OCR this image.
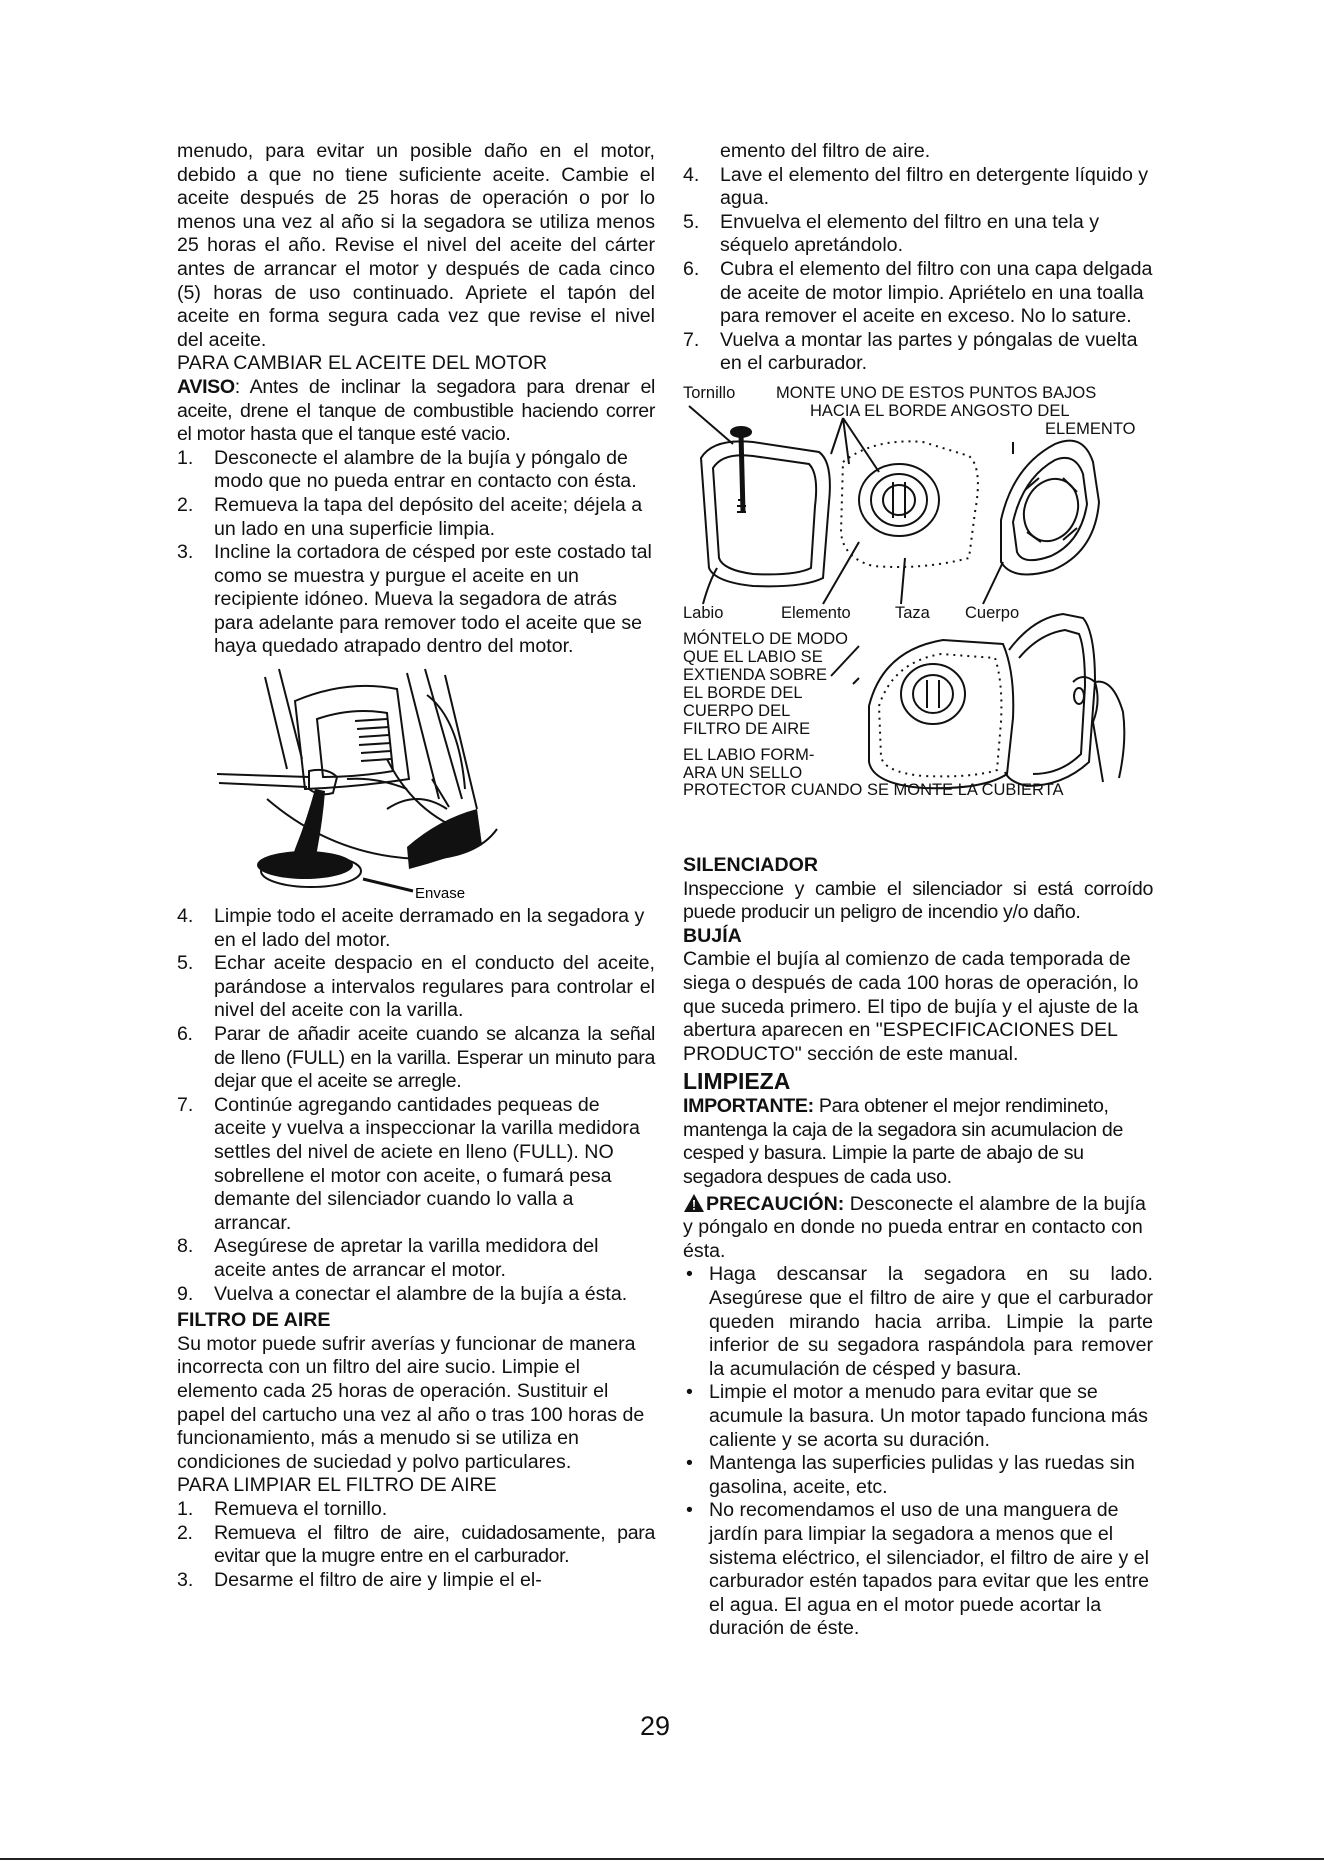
menudo, para evitar un posible daño en el motor, debido a que no tiene suficiente aceite. Cambie el aceite después de 25 horas de operación o por lo menos una vez al año si la segadora se utiliza menos 25 horas el año. Revise el nivel del aceite del cárter antes de arrancar el motor y después de cada cinco (5) horas de uso continuado. Apriete el tapón del aceite en forma segura cada vez que revise el nivel del aceite.

PARA CAMBIAR EL ACEITE DEL MOTOR

AVISO: Antes de inclinar la segadora para drenar el aceite, drene el tanque de combustible haciendo correr el motor hasta que el tanque esté vacio.

1. Desconecte el alambre de la bujía y póngalo de modo que no pueda entrar en contacto con ésta.
2. Remueva la tapa del depósito del aceite; déjela a un lado en una superficie limpia.
3. Incline la cortadora de césped por este costado tal como se muestra y purgue el aceite en un recipiente idóneo. Mueva la segadora de atrás para adelante para remover todo el aceite que se haya quedado atrapado dentro del motor.
Envase
4. Limpie todo el aceite derramado en la segadora y en el lado del motor.
5. Echar aceite despacio en el conducto del aceite, parándose a intervalos regulares para controlar el nivel del aceite con la varilla.
6. Parar de añadir aceite cuando se alcanza la señal de lleno (FULL) en la varilla. Esperar un minuto para dejar que el aceite se arregle.
7. Continúe agregando cantidades pequeas de aceite y vuelva a inspeccionar la varilla medidora settles del nivel de aciete en lleno (FULL). NO sobrellene el motor con aceite, o fumará pesa demante del silenciador cuando lo valla a arrancar.
8. Asegúrese de apretar la varilla medidora del aceite antes de arrancar el motor.
9. Vuelva a conectar el alambre de la bujía a ésta.

FILTRO DE AIRE

Su motor puede sufrir averías y funcionar de manera incorrecta con un filtro del aire sucio. Limpie el elemento cada 25 horas de operación. Sustituir el papel del cartucho una vez al año o tras 100 horas de funcionamiento, más a menudo si se utiliza en condiciones de suciedad y polvo particulares.

PARA LIMPIAR EL FILTRO DE AIRE

1. Remueva el tornillo.
2. Remueva el filtro de aire, cuidadosamente, para evitar que la mugre entre en el carburador.
3. Desarme el filtro de aire y limpie el el-

emento del filtro de aire.

4. Lave el elemento del filtro en detergente líquido y agua.
5. Envuelva el elemento del filtro en una tela y séquelo apretándolo.
6. Cubra el elemento del filtro con una capa delgada de aceite de motor limpio. Apriételo en una toalla para remover el aceite en exceso. No lo sature.
7. Vuelva a montar las partes y póngalas de vuelta en el carburador.
Tornillo MONTE UNO DE ESTOS PUNTOS BAJOS
HACIA EL BORDE ANGOSTO DEL
ELEMENTO
Labio	Elemento	Taza Cuerpo
MÓNTELO DE MODO
QUE EL LABIO SE
EXTIENDA SOBRE
EL BORDE DEL
CUERPO DEL
FILTRO DE AIRE
EL LABIO FORM-
ARA UN SELLO
PROTECTOR CUANDO SE MONTE LA CUBIERTA

SILENCIADOR

Inspeccione y cambie el silenciador si está corroído puede producir un peligro de incendio y/o daño.

BUJÍA

Cambie el bujía al comienzo de cada temporada de siega o después de cada 100 horas de operación, lo que suceda primero. El tipo de bujía y el ajuste de la abertura aparecen en "ESPECIFICACIONES DEL PRODUCTO" sección de este manual.

LIMPIEZA

IMPORTANTE: Para obtener el mejor rendimineto, mantenga la caja de la segadora sin acumulacion de cesped y basura. Limpie la parte de abajo de su segadora despues de cada uso.

PRECAUCIÓN: Desconecte el alambre de la bujía y póngalo en donde no pueda entrar en contacto con ésta.

• Haga descansar la segadora en su lado. Asegúrese que el filtro de aire y que el carburador queden mirando hacia arriba. Limpie la parte inferior de su segadora raspándola para remover la acumulación de césped y basura.
• Limpie el motor a menudo para evitar que se acumule la basura. Un motor tapado funciona más caliente y se acorta su duración.
• Mantenga las superficies pulidas y las ruedas sin gasolina, aceite, etc.
• No recomendamos el uso de una manguera de jardín para limpiar la segadora a menos que el sistema eléctrico, el silenciador, el filtro de aire y el carburador estén tapados para evitar que les entre el agua. El agua en el motor puede acortar la duración de éste.
29
